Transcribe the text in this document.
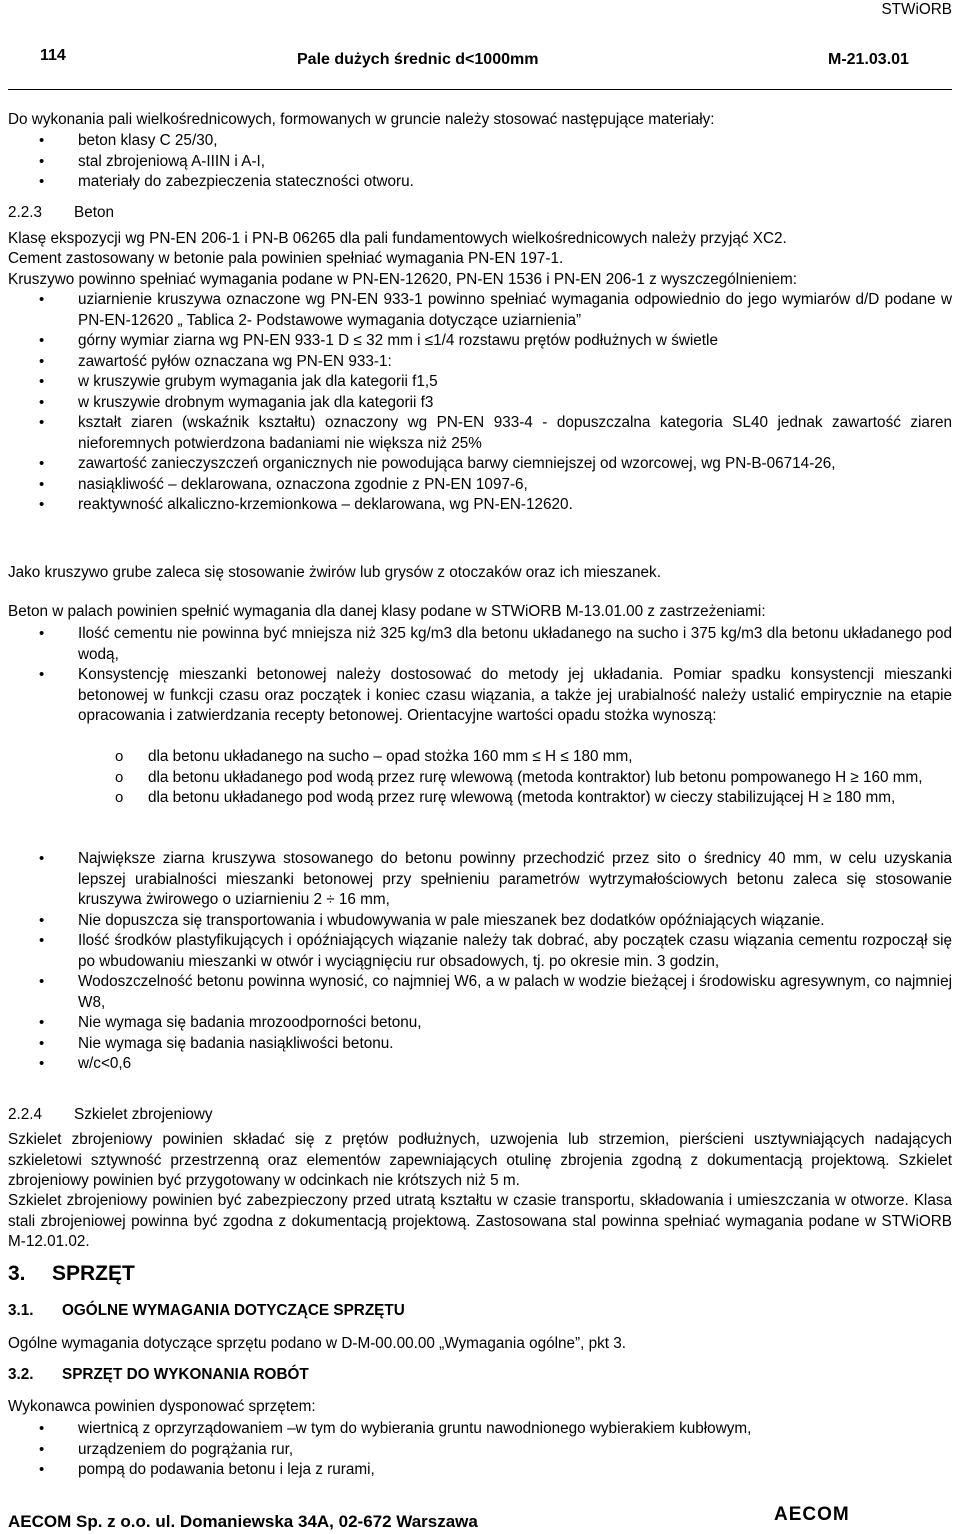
STWiORB
114	Pale dużych średnic d<1000mm	M-21.03.01
Do wykonania pali wielkośrednicowych, formowanych w gruncie należy stosować następujące materiały:
• beton klasy C 25/30,
• stal zbrojeniową A-IIIN i A-I,
• materiały do zabezpieczenia stateczności otworu.
2.2.3 Beton
Klasę ekspozycji wg PN-EN 206-1 i PN-B 06265 dla pali fundamentowych wielkośrednicowych należy przyjąć XC2.
Cement zastosowany w betonie pala powinien spełniać wymagania PN-EN 197-1.
Kruszywo powinno spełniać wymagania podane w PN-EN-12620, PN-EN 1536 i PN-EN 206-1 z wyszczególnieniem:
• uziarnienie kruszywa oznaczone wg PN-EN 933-1 powinno spełniać wymagania odpowiednio do jego wymiarów d/D podane w PN-EN-12620 „ Tablica 2- Podstawowe wymagania dotyczące uziarnienia”
• górny wymiar ziarna wg PN-EN 933-1 D ≤ 32 mm i ≤1/4 rozstawu prętów podłużnych w świetle
• zawartość pyłów oznaczana wg PN-EN 933-1:
• w kruszywie grubym wymagania jak dla kategorii f1,5
• w kruszywie drobnym wymagania jak dla kategorii f3
• kształt ziaren (wskaźnik kształtu) oznaczony wg PN-EN 933-4 - dopuszczalna kategoria SL40 jednak zawartość ziaren nieforemnych potwierdzona badaniami nie większa niż 25%
• zawartość zanieczyszczeń organicznych nie powodująca barwy ciemniejszej od wzorcowej, wg PN-B-06714-26,
• nasiąkliwość – deklarowana, oznaczona zgodnie z PN-EN 1097-6,
• reaktywność alkaliczno-krzemionkowa – deklarowana, wg PN-EN-12620.
Jako kruszywo grube zaleca się stosowanie żwirów lub grysów z otoczaków oraz ich mieszanek.
Beton w palach powinien spełnić wymagania dla danej klasy podane w STWiORB M-13.01.00 z zastrzeżeniami:
• Ilość cementu nie powinna być mniejsza niż 325 kg/m3 dla betonu układanego na sucho i 375 kg/m3 dla betonu układanego pod wodą,
• Konsystencję mieszanki betonowej należy dostosować do metody jej układania. Pomiar spadku konsystencji mieszanki betonowej w funkcji czasu oraz początek i koniec czasu wiązania, a także jej urabialność należy ustalić empirycznie na etapie opracowania i zatwierdzania recepty betonowej. Orientacyjne wartości opadu stożka wynoszą:
o dla betonu układanego na sucho – opad stożka 160 mm ≤ H ≤ 180 mm,
o dla betonu układanego pod wodą przez rurę wlewową (metoda kontraktor) lub betonu pompowanego H ≥ 160 mm,
o dla betonu układanego pod wodą przez rurę wlewową (metoda kontraktor) w cieczy stabilizującej H ≥ 180 mm,
• Największe ziarna kruszywa stosowanego do betonu powinny przechodzić przez sito o średnicy 40 mm, w celu uzyskania lepszej urabialności mieszanki betonowej przy spełnieniu parametrów wytrzymałościowych betonu zaleca się stosowanie kruszywa żwirowego o uziarnieniu 2 ÷ 16 mm,
• Nie dopuszcza się transportowania i wbudowywania w pale mieszanek bez dodatków opóźniających wiązanie.
• Ilość środków plastyfikujących i opóźniających wiązanie należy tak dobrać, aby początek czasu wiązania cementu rozpoczął się po wbudowaniu mieszanki w otwór i wyciągnięciu rur obsadowych, tj. po okresie min. 3 godzin,
• Wodoszczelność betonu powinna wynosić, co najmniej W6, a w palach w wodzie bieżącej i środowisku agresywnym, co najmniej W8,
• Nie wymaga się badania mrozoodporności betonu,
• Nie wymaga się badania nasiąkliwości betonu.
• w/c<0,6
2.2.4 Szkielet zbrojeniowy
Szkielet zbrojeniowy powinien składać się z prętów podłużnych, uzwojenia lub strzemion, pierścieni usztywniających nadających szkieletowi sztywność przestrzenną oraz elementów zapewniających otulinę zbrojenia zgodną z dokumentacją projektową. Szkielet zbrojeniowy powinien być przygotowany w odcinkach nie krótszych niż 5 m.
Szkielet zbrojeniowy powinien być zabezpieczony przed utratą kształtu w czasie transportu, składowania i umieszczania w otworze. Klasa stali zbrojeniowej powinna być zgodna z dokumentacją projektową. Zastosowana stal powinna spełniać wymagania podane w STWiORB M-12.01.02.
3. SPRZĘT
3.1. OGÓLNE WYMAGANIA DOTYCZĄCE SPRZĘTU
Ogólne wymagania dotyczące sprzętu podano w D-M-00.00.00 „Wymagania ogólne”, pkt 3.
3.2. SPRZĘT DO WYKONANIA ROBÓT
Wykonawca powinien dysponować sprzętem:
• wiertnicą z oprzyrządowaniem –w tym do wybierania gruntu nawodnionego wybierakiem kubłowym,
• urządzeniem do pogrążania rur,
• pompą do podawania betonu i leja z rurami,
AECOM Sp. z o.o. ul. Domaniewska 34A, 02-672 Warszawa	AECOM
